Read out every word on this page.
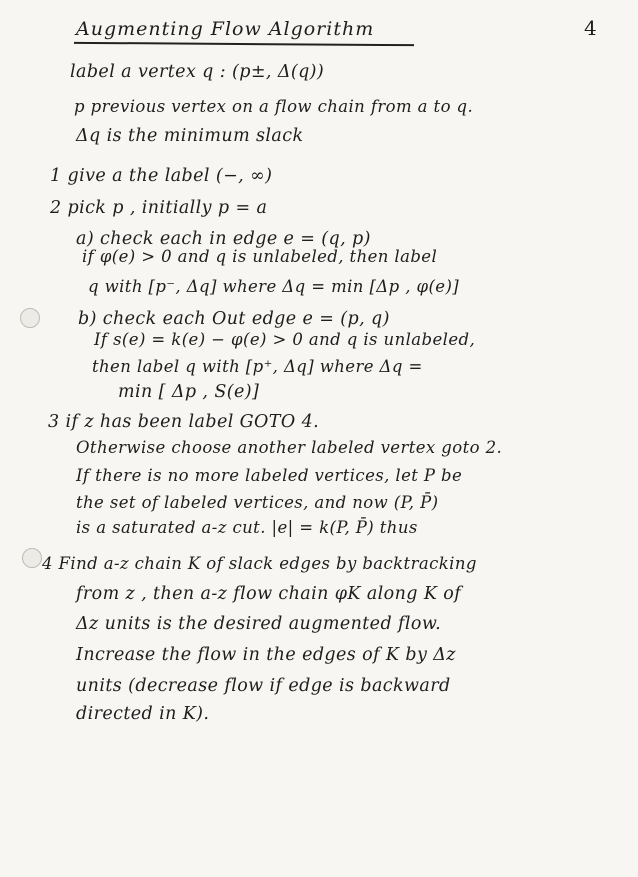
Augmenting Flow Algorithm	4
label a vertex q : (p±, Δ(q))
p previous vertex on a flow chain from a to q.
Δq is the minimum slack
1 give a the label (−, ∞)
2 pick p , initially p = a
a) check each in edge e = (q, p)
if φ(e) > 0 and q is unlabeled, then label
q with [p⁻, Δq] where Δq = min [Δp , φ(e)]
b) check each Out edge e = (p, q)
If s(e) = k(e) − φ(e) > 0 and q is unlabeled,
then label q with [p⁺, Δq] where Δq =
min [ Δp , S(e)]
3 if z has been label GOTO 4.
Otherwise choose another labeled vertex goto 2.
If there is no more labeled vertices, let P be
the set of labeled vertices, and now (P, P̄)
is a saturated a-z cut. |e| = k(P, P̄) thus
4 Find a-z chain K of slack edges by backtracking
from z , then a-z flow chain φK along K of
Δz units is the desired augmented flow.
Increase the flow in the edges of K by Δz
units (decrease flow if edge is backward
directed in K).
